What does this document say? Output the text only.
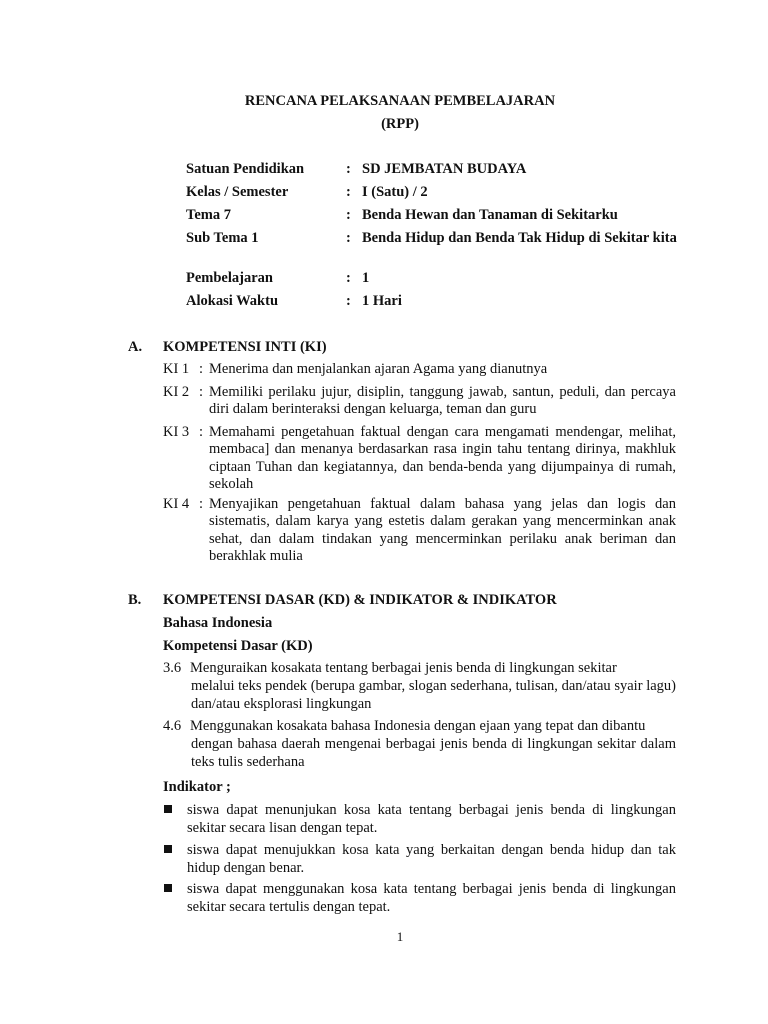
RENCANA PELAKSANAAN PEMBELAJARAN
(RPP)
Satuan Pendidikan	: SD JEMBATAN BUDAYA
Kelas / Semester	: I (Satu) / 2
Tema 7	: Benda Hewan dan Tanaman di Sekitarku
Sub Tema 1	: Benda Hidup dan Benda Tak Hidup di Sekitar kita
Pembelajaran	: 1
Alokasi Waktu	: 1 Hari
A. KOMPETENSI INTI (KI)
KI 1 : Menerima dan menjalankan ajaran Agama yang dianutnya
KI 2 : Memiliki perilaku jujur, disiplin, tanggung jawab, santun, peduli, dan percaya diri dalam berinteraksi dengan keluarga, teman dan guru
KI 3 : Memahami pengetahuan faktual dengan cara mengamati mendengar, melihat, membaca] dan menanya berdasarkan rasa ingin tahu tentang dirinya, makhluk ciptaan Tuhan dan kegiatannya, dan benda-benda yang dijumpainya di rumah, sekolah
KI 4 : Menyajikan pengetahuan faktual dalam bahasa yang jelas dan logis dan sistematis, dalam karya yang estetis dalam gerakan yang mencerminkan anak sehat, dan dalam tindakan yang mencerminkan perilaku anak beriman dan berakhlak mulia
B. KOMPETENSI DASAR (KD) & INDIKATOR & INDIKATOR
Bahasa Indonesia
Kompetensi Dasar (KD)
3.6 Menguraikan kosakata tentang berbagai jenis benda di lingkungan sekitar
melalui teks pendek (berupa gambar, slogan sederhana, tulisan, dan/atau syair lagu) dan/atau eksplorasi lingkungan
4.6 Menggunakan kosakata bahasa Indonesia dengan ejaan yang tepat dan dibantu
dengan bahasa daerah mengenai berbagai jenis benda di lingkungan sekitar dalam teks tulis sederhana
Indikator ;
siswa dapat menunjukan kosa kata tentang berbagai jenis benda di lingkungan sekitar secara lisan dengan tepat.
siswa dapat menujukkan kosa kata yang berkaitan dengan benda hidup dan tak hidup dengan benar.
siswa dapat menggunakan kosa kata tentang berbagai jenis benda di lingkungan sekitar secara tertulis dengan tepat.
1
